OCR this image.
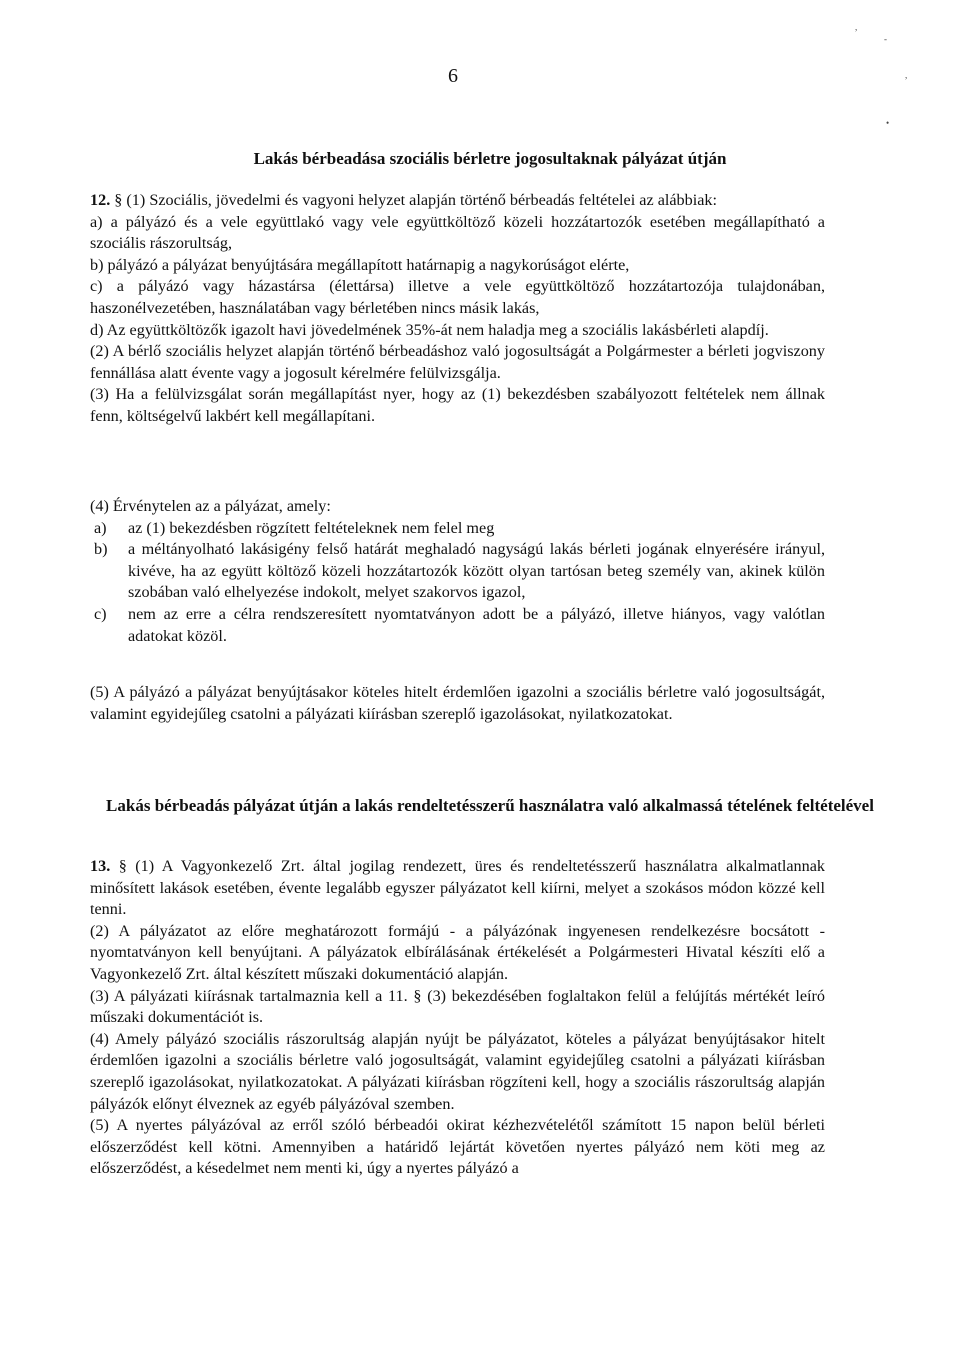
,
-
,
•
6
Lakás bérbeadása szociális bérletre jogosultaknak pályázat útján

12. § (1) Szociális, jövedelmi és vagyoni helyzet alapján történő bérbeadás feltételei az alábbiak:

a) a pályázó és a vele együttlakó vagy vele együttköltöző közeli hozzátartozók esetében megállapítható a szociális rászorultság,

b) pályázó a pályázat benyújtására megállapított határnapig a nagykorúságot elérte,

c) a pályázó vagy házastársa (élettársa) illetve a vele együttköltöző hozzátartozója tulajdonában, haszonélvezetében, használatában vagy bérletében nincs másik lakás,

d) Az együttköltözők igazolt havi jövedelmének 35%-át nem haladja meg a szociális lakásbérleti alapdíj.

(2) A bérlő szociális helyzet alapján történő bérbeadáshoz való jogosultságát a Polgármester a bérleti jogviszony fennállása alatt évente vagy a jogosult kérelmére felülvizsgálja.

(3) Ha a felülvizsgálat során megállapítást nyer, hogy az (1) bekezdésben szabályozott feltételek nem állnak fenn, költségelvű lakbért kell megállapítani.

(4) Érvénytelen az a pályázat, amely:

a) az (1) bekezdésben rögzített feltételeknek nem felel meg
b) a méltányolható lakásigény felső határát meghaladó nagyságú lakás bérleti jogának elnyerésére irányul, kivéve, ha az együtt költöző közeli hozzátartozók között olyan tartósan beteg személy van, akinek külön szobában való elhelyezése indokolt, melyet szakorvos igazol,
c) nem az erre a célra rendszeresített nyomtatványon adott be a pályázó, illetve hiányos, vagy valótlan adatokat közöl.

(5) A pályázó a pályázat benyújtásakor köteles hitelt érdemlően igazolni a szociális bérletre való jogosultságát, valamint egyidejűleg csatolni a pályázati kiírásban szereplő igazolásokat, nyilatkozatokat.

Lakás bérbeadás pályázat útján a lakás rendeltetésszerű használatra való alkalmassá tételének feltételével

13. § (1) A Vagyonkezelő Zrt. által jogilag rendezett, üres és rendeltetésszerű használatra alkalmatlannak minősített lakások esetében, évente legalább egyszer pályázatot kell kiírni, melyet a szokásos módon közzé kell tenni.

(2) A pályázatot az előre meghatározott formájú - a pályázónak ingyenesen rendelkezésre bocsátott - nyomtatványon kell benyújtani. A pályázatok elbírálásának értékelését a Polgármesteri Hivatal készíti elő a Vagyonkezelő Zrt. által készített műszaki dokumentáció alapján.

(3) A pályázati kiírásnak tartalmaznia kell a 11. § (3) bekezdésében foglaltakon felül a felújítás mértékét leíró műszaki dokumentációt is.

(4) Amely pályázó szociális rászorultság alapján nyújt be pályázatot, köteles a pályázat benyújtásakor hitelt érdemlően igazolni a szociális bérletre való jogosultságát, valamint egyidejűleg csatolni a pályázati kiírásban szereplő igazolásokat, nyilatkozatokat. A pályázati kiírásban rögzíteni kell, hogy a szociális rászorultság alapján pályázók előnyt élveznek az egyéb pályázóval szemben.

(5) A nyertes pályázóval az erről szóló bérbeadói okirat kézhezvételétől számított 15 napon belül bérleti előszerződést kell kötni. Amennyiben a határidő lejártát követően nyertes pályázó nem köti meg az előszerződést, a késedelmet nem menti ki, úgy a nyertes pályázó a
